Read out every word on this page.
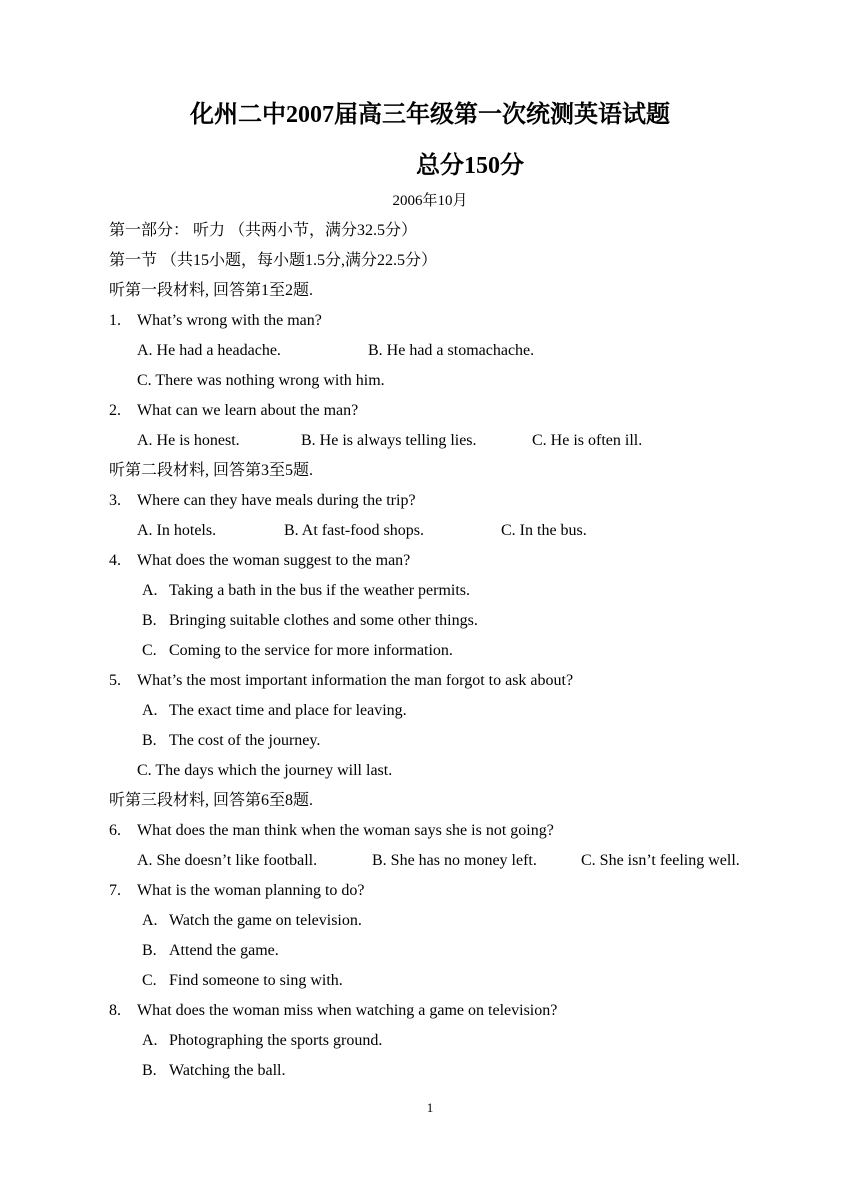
化州二中2007届高三年级第一次统测英语试题
总分150分
2006年10月
第一部分： 听力 （共两小节，满分32.5分）
第一节 （共15小题，每小题1.5分,满分22.5分）
听第一段材料, 回答第1至2题.
1. What’s wrong with the man?
A. He had a headache.	B. He had a stomachache.
C. There was nothing wrong with him.
2. What can we learn about the man?
A. He is honest.	B. He is always telling lies.	C. He is often ill.
听第二段材料, 回答第3至5题.
3. Where can they have meals during the trip?
A. In hotels.	B. At fast-food shops.	C. In the bus.
4. What does the woman suggest to the man?
A. Taking a bath in the bus if the weather permits.
B. Bringing suitable clothes and some other things.
C. Coming to the service for more information.
5. What’s the most important information the man forgot to ask about?
A. The exact time and place for leaving.
B. The cost of the journey.
C. The days which the journey will last.
听第三段材料, 回答第6至8题.
6. What does the man think when the woman says she is not going?
A. She doesn’t like football.	B. She has no money left.	C. She isn’t feeling well.
7. What is the woman planning to do?
A. Watch the game on television.
B. Attend the game.
C. Find someone to sing with.
8. What does the woman miss when watching a game on television?
A. Photographing the sports ground.
B. Watching the ball.
1
